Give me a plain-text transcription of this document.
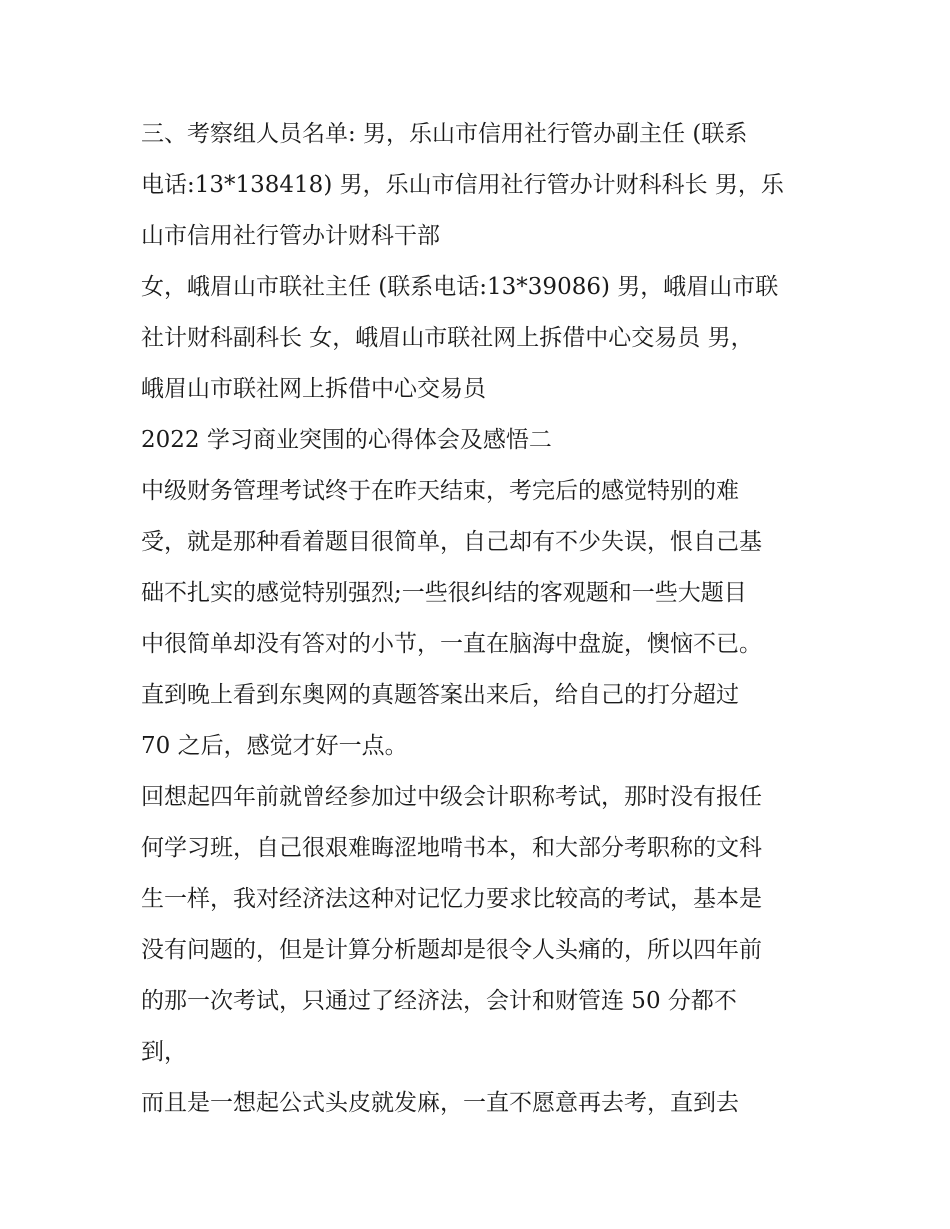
三、考察组人员名单: 男，乐山市信用社行管办副主任 (联系
电话:13*138418) 男，乐山市信用社行管办计财科科长 男，乐
山市信用社行管办计财科干部
女，峨眉山市联社主任 (联系电话:13*39086) 男，峨眉山市联
社计财科副科长 女，峨眉山市联社网上拆借中心交易员 男，
峨眉山市联社网上拆借中心交易员
2022 学习商业突围的心得体会及感悟二
中级财务管理考试终于在昨天结束，考完后的感觉特别的难
受，就是那种看着题目很简单，自己却有不少失误，恨自己基
础不扎实的感觉特别强烈;一些很纠结的客观题和一些大题目
中很简单却没有答对的小节，一直在脑海中盘旋，懊恼不已。
直到晚上看到东奥网的真题答案出来后，给自己的打分超过
70 之后，感觉才好一点。
回想起四年前就曾经参加过中级会计职称考试，那时没有报任
何学习班，自己很艰难晦涩地啃书本，和大部分考职称的文科
生一样，我对经济法这种对记忆力要求比较高的考试，基本是
没有问题的，但是计算分析题却是很令人头痛的，所以四年前
的那一次考试，只通过了经济法，会计和财管连 50 分都不
到，
而且是一想起公式头皮就发麻，一直不愿意再去考，直到去
